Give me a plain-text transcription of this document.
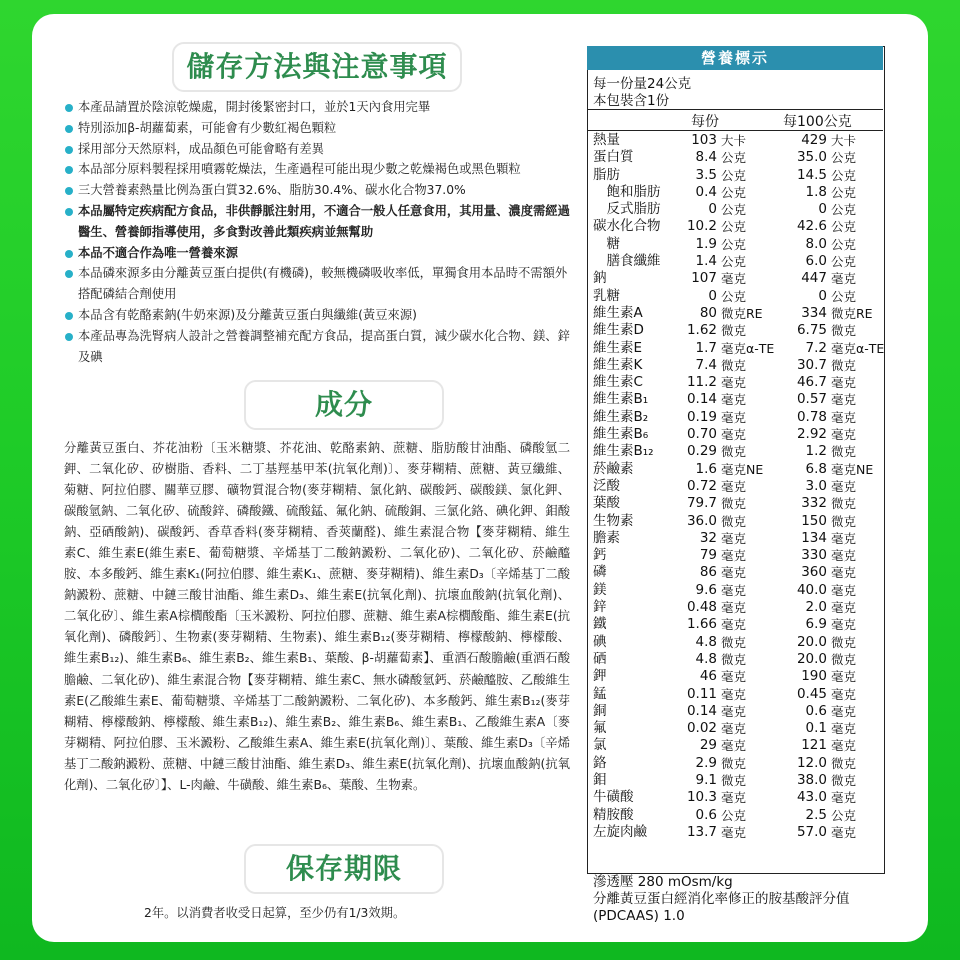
儲存方法與注意事項
本產品請置於陰涼乾燥處，開封後緊密封口，並於1天內食用完畢
特別添加β-胡蘿蔔素，可能會有少數紅褐色顆粒
採用部分天然原料，成品顏色可能會略有差異
本品部分原料製程採用噴霧乾燥法，生產過程可能出現少數之乾燥褐色或黑色顆粒
三大營養素熱量比例為蛋白質32.6%、脂肪30.4%、碳水化合物37.0%
本品屬特定疾病配方食品，非供靜脈注射用，不適合一般人任意食用，其用量、濃度需經過醫生、營養師指導使用，多食對改善此類疾病並無幫助
本品不適合作為唯一營養來源
本品磷來源多由分離黃豆蛋白提供(有機磷)，較無機磷吸收率低，單獨食用本品時不需額外搭配磷結合劑使用
本品含有乾酪素鈉(牛奶來源)及分離黃豆蛋白與纖維(黃豆來源)
本產品專為洗腎病人設計之營養調整補充配方食品，提高蛋白質，減少碳水化合物、鎂、鋅及碘
成分
分離黃豆蛋白、芥花油粉〔玉米糖漿、芥花油、乾酪素鈉、蔗糖、脂肪酸甘油酯、磷酸氫二鉀、二氧化矽、矽樹脂、香料、二丁基羥基甲苯(抗氧化劑)〕、麥芽糊精、蔗糖、黃豆纖維、菊糖、阿拉伯膠、關華豆膠、礦物質混合物(麥芽糊精、氯化鈉、碳酸鈣、碳酸鎂、氯化鉀、碳酸氫鈉、二氧化矽、硫酸鋅、磷酸鐵、硫酸錳、氟化鈉、硫酸銅、三氯化鉻、碘化鉀、鉬酸鈉、亞硒酸鈉)、碳酸鈣、香草香料(麥芽糊精、香莢蘭醛)、維生素混合物【麥芽糊精、維生素C、維生素E(維生素E、葡萄糖漿、辛烯基丁二酸鈉澱粉、二氧化矽)、二氧化矽、菸鹼醯胺、本多酸鈣、維生素K₁(阿拉伯膠、維生素K₁、蔗糖、麥芽糊精)、維生素D₃〔辛烯基丁二酸鈉澱粉、蔗糖、中鏈三酸甘油酯、維生素D₃、維生素E(抗氧化劑)、抗壞血酸鈉(抗氧化劑)、二氧化矽〕、維生素A棕櫚酸酯〔玉米澱粉、阿拉伯膠、蔗糖、維生素A棕櫚酸酯、維生素E(抗氧化劑)、磷酸鈣〕、生物素(麥芽糊精、生物素)、維生素B₁₂(麥芽糊精、檸檬酸鈉、檸檬酸、維生素B₁₂)、維生素B₆、維生素B₂、維生素B₁、葉酸、β-胡蘿蔔素】、重酒石酸膽鹼(重酒石酸膽鹼、二氧化矽)、維生素混合物【麥芽糊精、維生素C、無水磷酸氫鈣、菸鹼醯胺、乙酸維生素E(乙酸維生素E、葡萄糖漿、辛烯基丁二酸鈉澱粉、二氧化矽)、本多酸鈣、維生素B₁₂(麥芽糊精、檸檬酸鈉、檸檬酸、維生素B₁₂)、維生素B₂、維生素B₆、維生素B₁、乙酸維生素A〔麥芽糊精、阿拉伯膠、玉米澱粉、乙酸維生素A、維生素E(抗氧化劑)〕、葉酸、維生素D₃〔辛烯基丁二酸鈉澱粉、蔗糖、中鏈三酸甘油酯、維生素D₃、維生素E(抗氧化劑)、抗壞血酸鈉(抗氧化劑)、二氧化矽〕】、L-肉鹼、牛磺酸、維生素B₆、葉酸、生物素。
保存期限
2年。以消費者收受日起算，至少仍有1/3效期。
營養標示
每一份量24公克
本包裝含1份
每份	每100公克
熱量	103 大卡	429 大卡
蛋白質	8.4 公克	35.0 公克
脂肪	3.5 公克	14.5 公克
　飽和脂肪	0.4 公克	1.8 公克
　反式脂肪	0 公克	0 公克
碳水化合物	10.2 公克	42.6 公克
　糖	1.9 公克	8.0 公克
　膳食纖維	1.4 公克	6.0 公克
鈉	107 毫克	447 毫克
乳糖	0 公克	0 公克
維生素A	80 微克RE	334 微克RE
維生素D	1.62 微克	6.75 微克
維生素E	1.7 毫克α-TE	7.2 毫克α-TE
維生素K	7.4 微克	30.7 微克
維生素C	11.2 毫克	46.7 毫克
維生素B₁	0.14 毫克	0.57 毫克
維生素B₂	0.19 毫克	0.78 毫克
維生素B₆	0.70 毫克	2.92 毫克
維生素B₁₂	0.29 微克	1.2 微克
菸鹼素	1.6 毫克NE	6.8 毫克NE
泛酸	0.72 毫克	3.0 毫克
葉酸	79.7 微克	332 微克
生物素	36.0 微克	150 微克
膽素	32 毫克	134 毫克
鈣	79 毫克	330 毫克
磷	86 毫克	360 毫克
鎂	9.6 毫克	40.0 毫克
鋅	0.48 毫克	2.0 毫克
鐵	1.66 毫克	6.9 毫克
碘	4.8 微克	20.0 微克
硒	4.8 微克	20.0 微克
鉀	46 毫克	190 毫克
錳	0.11 毫克	0.45 毫克
銅	0.14 毫克	0.6 毫克
氟	0.02 毫克	0.1 毫克
氯	29 毫克	121 毫克
鉻	2.9 微克	12.0 微克
鉬	9.1 微克	38.0 微克
牛磺酸	10.3 毫克	43.0 毫克
精胺酸	0.6 公克	2.5 公克
左旋肉鹼	13.7 毫克	57.0 毫克
滲透壓 280 mOsm/kg
分離黃豆蛋白經消化率修正的胺基酸評分值(PDCAAS) 1.0
